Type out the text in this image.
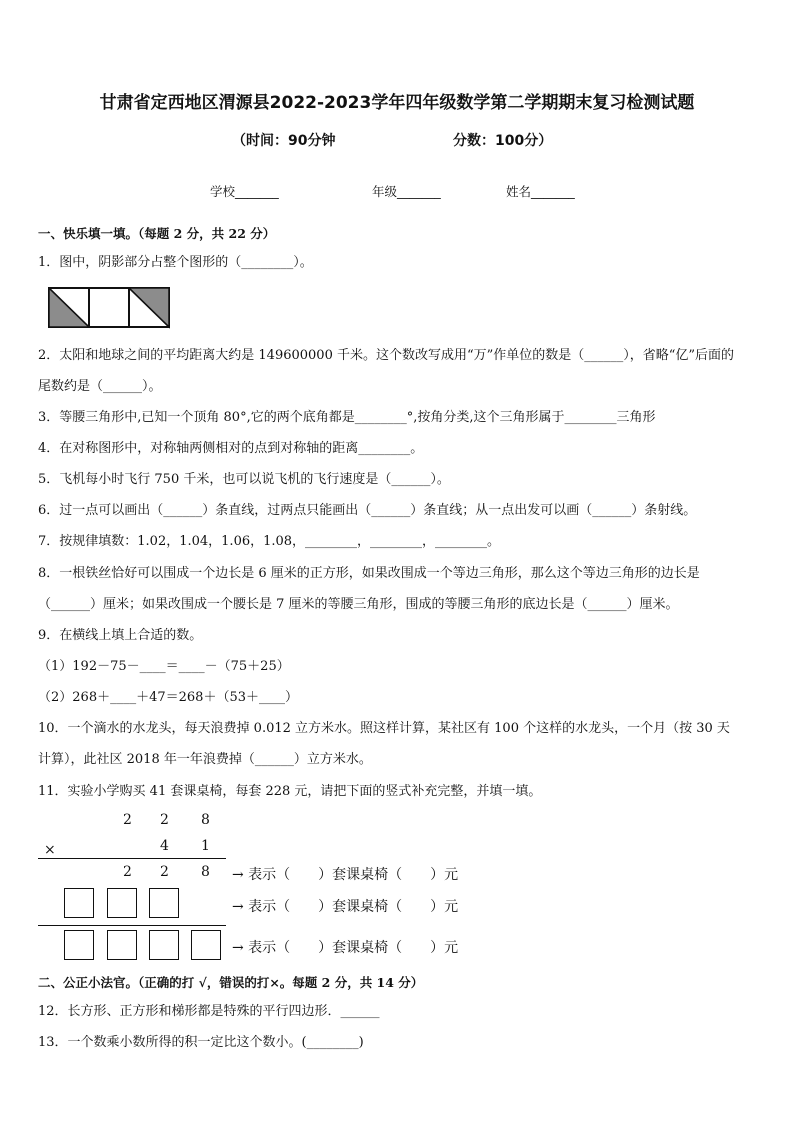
甘肃省定西地区渭源县2022-2023学年四年级数学第二学期期末复习检测试题
（时间：90分钟	分数：100分）
学校_______	年级_______	姓名_______
一、快乐填一填。（每题 2 分，共 22 分）
1．图中，阴影部分占整个图形的（________）。
2．太阳和地球之间的平均距离大约是 149600000 千米。这个数改写成用“万”作单位的数是（______），省略“亿”后面的
尾数约是（______）。
3．等腰三角形中,已知一个顶角 80°,它的两个底角都是________°,按角分类,这个三角形属于________三角形
4．在对称图形中，对称轴两侧相对的点到对称轴的距离________。
5．飞机每小时飞行 750 千米，也可以说飞机的飞行速度是（______）。
6．过一点可以画出（______）条直线，过两点只能画出（______）条直线；从一点出发可以画（______）条射线。
7．按规律填数：1.02，1.04，1.06，1.08，________，________，________。
8．一根铁丝恰好可以围成一个边长是 6 厘米的正方形，如果改围成一个等边三角形，那么这个等边三角形的边长是
（______）厘米；如果改围成一个腰长是 7 厘米的等腰三角形，围成的等腰三角形的底边长是（______）厘米。
9．在横线上填上合适的数。
（1）192－75－____＝____－（75＋25）
（2）268＋____＋47＝268＋（53＋____）
10．一个滴水的水龙头，每天浪费掉 0.012 立方米水。照这样计算，某社区有 100 个这样的水龙头，一个月（按 30 天
计算），此社区 2018 年一年浪费掉（______）立方米水。
11．实验小学购买 41 套课桌椅，每套 228 元，请把下面的竖式补充完整，并填一填。
2 2 8
×	4 1
2 2 8 → 表示（　　）套课桌椅（　　）元
→ 表示（　　）套课桌椅（　　）元
→ 表示（　　）套课桌椅（　　）元
二、公正小法官。（正确的打 √，错误的打×。每题 2 分，共 14 分）
12．长方形、正方形和梯形都是特殊的平行四边形．______
13．一个数乘小数所得的积一定比这个数小。(________)
